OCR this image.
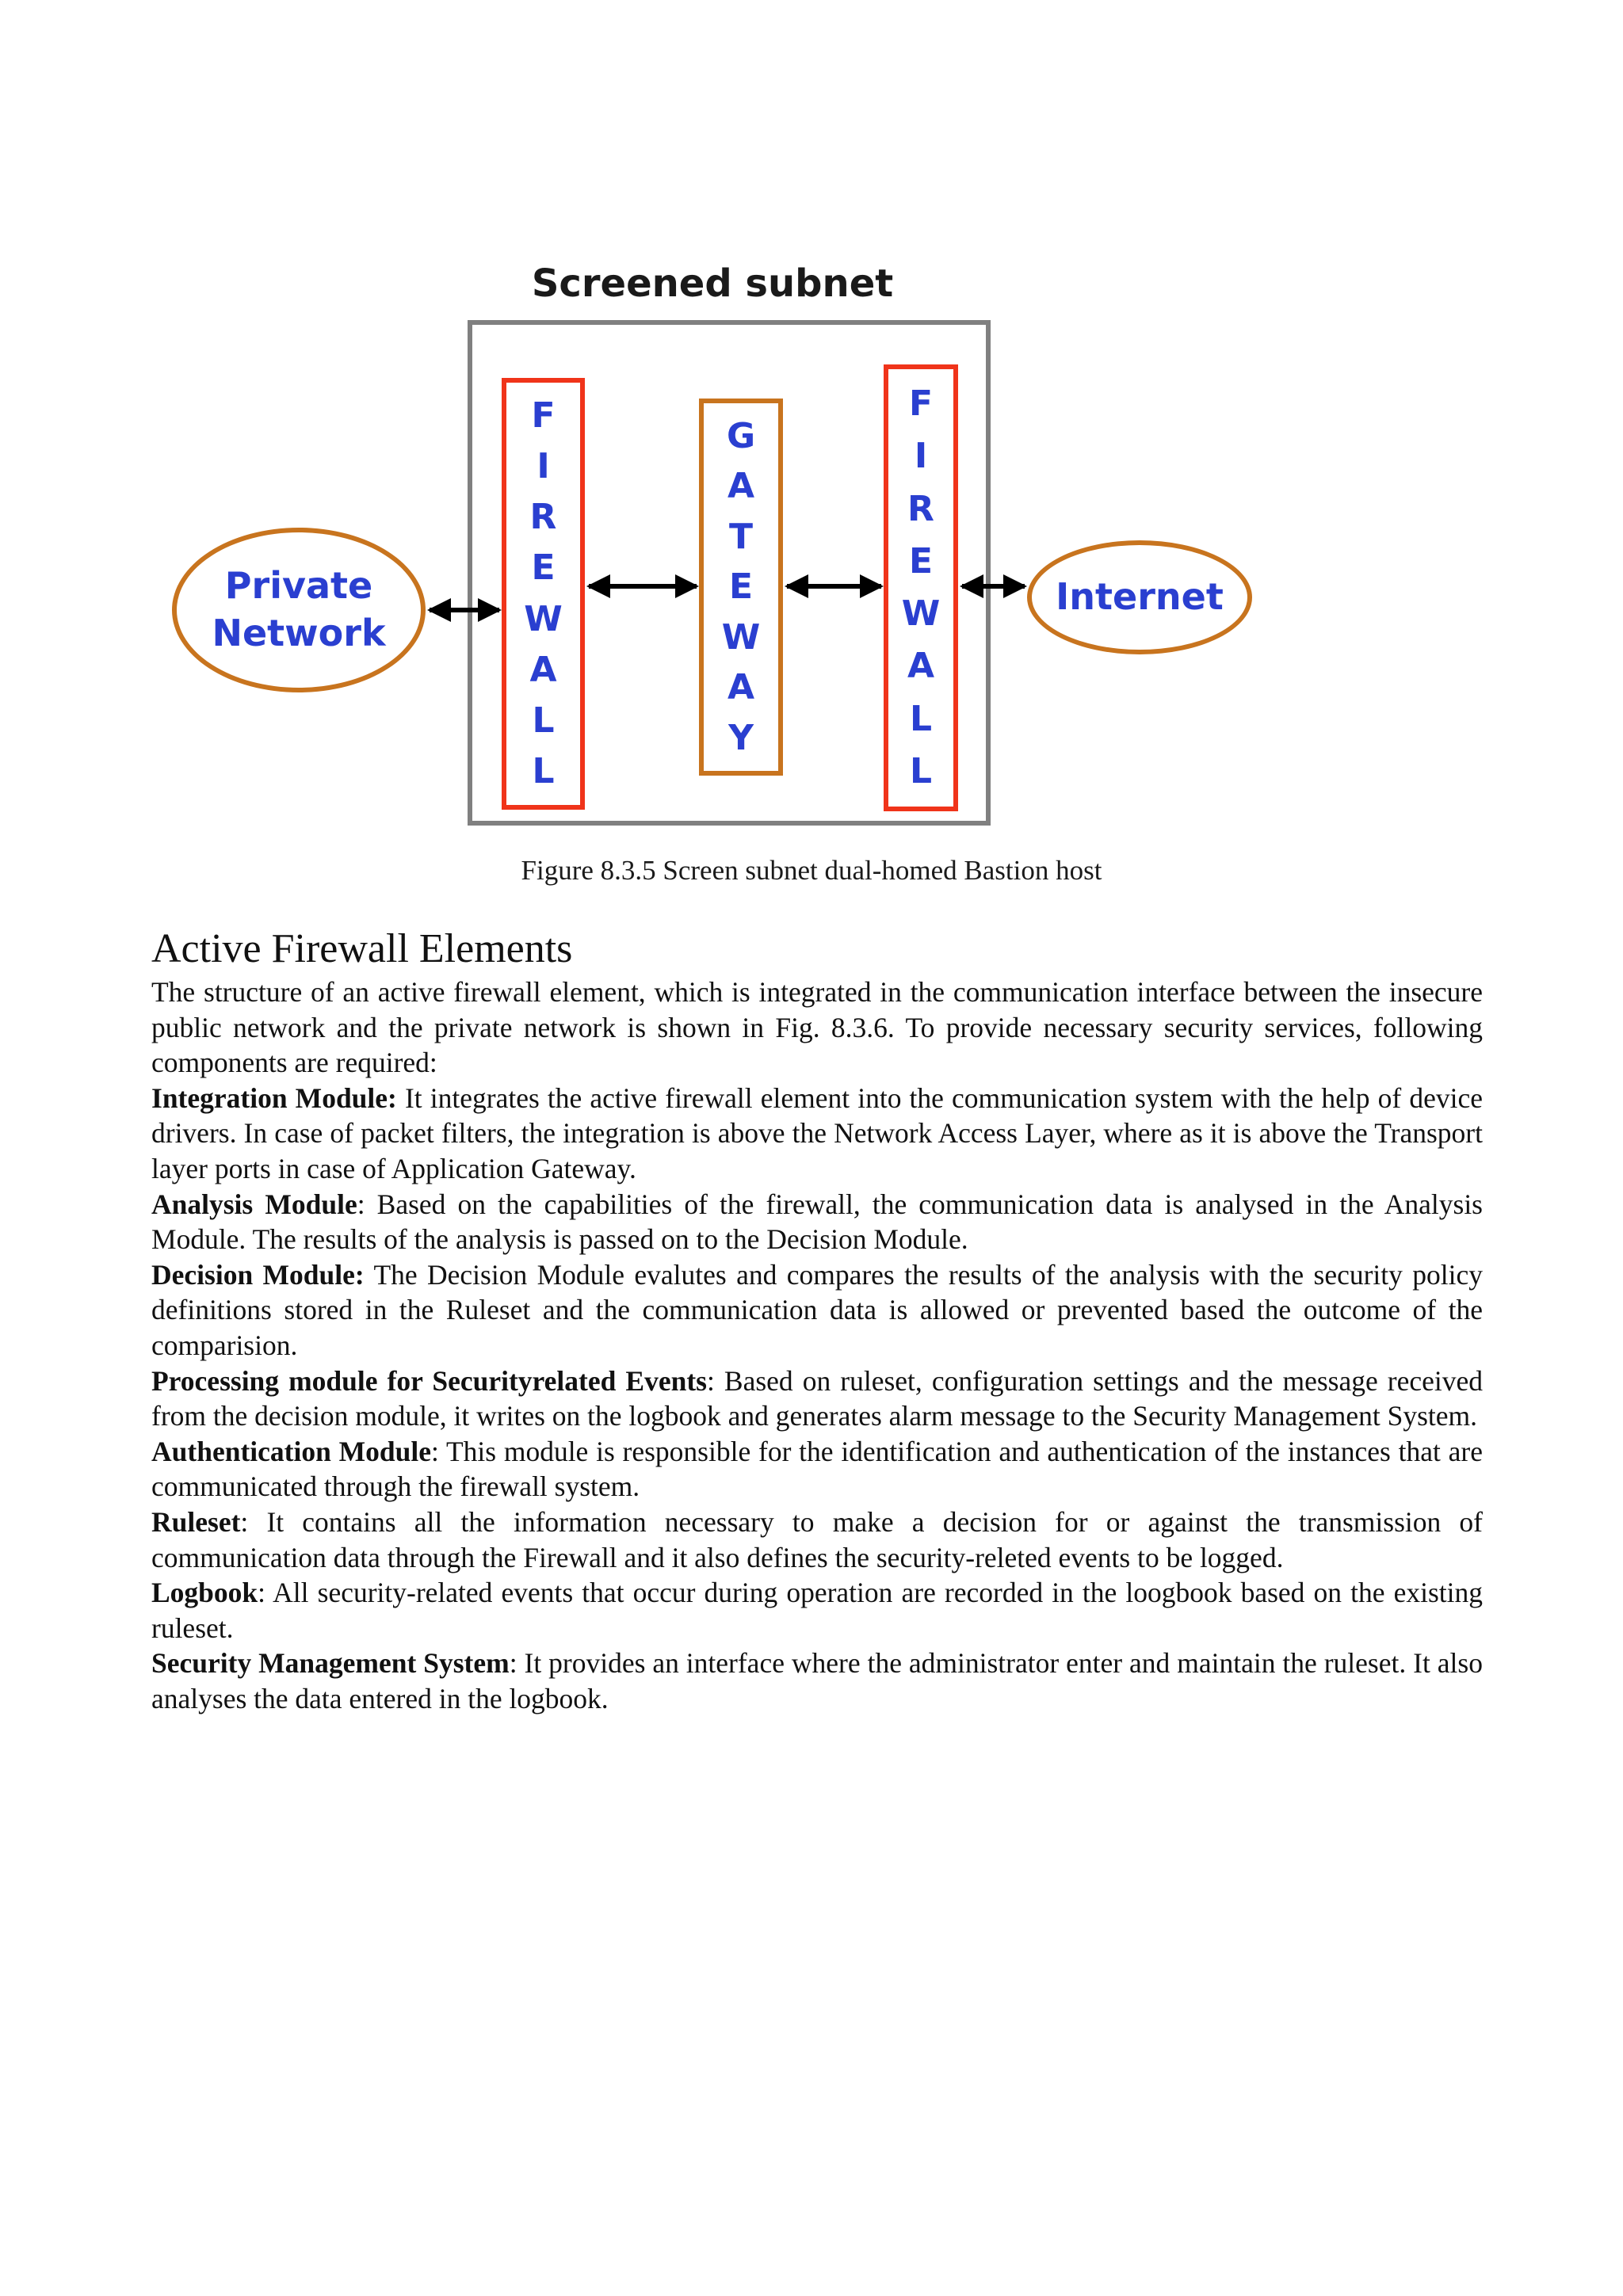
Screened subnet
Private
Network
F
I
R
E
W
A
L
L
G
A
T
E
W
A
Y
F
I
R
E
W
A
L
L
Internet
Figure 8.3.5 Screen subnet dual-homed Bastion host
Active Firewall Elements

The structure of an active firewall element, which is integrated in the communication interface between the insecure public network and the private network is shown in Fig. 8.3.6. To provide necessary security services, following components are required:

Integration Module: It integrates the active firewall element into the communication system with the help of device drivers. In case of packet filters, the integration is above the Network Access Layer, where as it is above the Transport layer ports in case of Application Gateway.

Analysis Module: Based on the capabilities of the firewall, the communication data is analysed in the Analysis Module. The results of the analysis is passed on to the Decision Module.

Decision Module: The Decision Module evalutes and compares the results of the analysis with the security policy definitions stored in the Ruleset and the communication data is allowed or prevented based the outcome of the comparision.

Processing module for Securityrelated Events: Based on ruleset, configuration settings and the message received from the decision module, it writes on the logbook and generates alarm message to the Security Management System.

Authentication Module: This module is responsible for the identification and authentication of the instances that are communicated through the firewall system.

Ruleset: It contains all the information necessary to make a decision for or against the transmission of communication data through the Firewall and it also defines the security-releted events to be logged.

Logbook: All security-related events that occur during operation are recorded in the loogbook based on the existing ruleset.

Security Management System: It provides an interface where the administrator enter and maintain the ruleset. It also analyses the data entered in the logbook.
